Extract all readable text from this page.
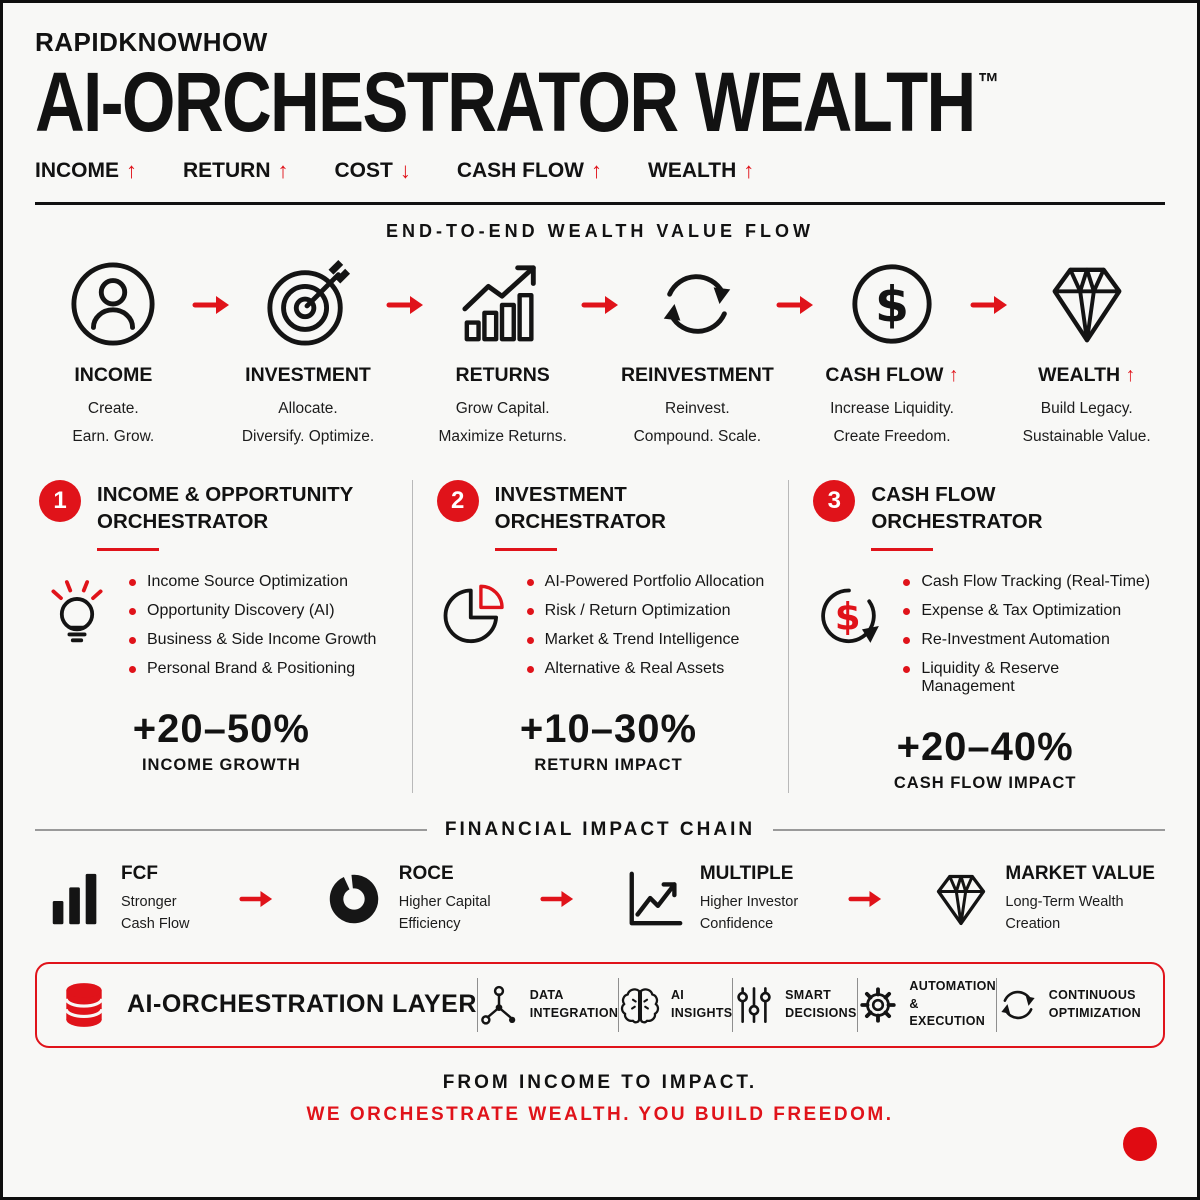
RAPIDKNOWHOW
AI-ORCHESTRATOR WEALTH ™
INCOME ↑ RETURN ↑ COST ↓ CASH FLOW ↑ WEALTH ↑
END-TO-END WEALTH VALUE FLOW
INCOME
Create.
Earn. Grow.
INVESTMENT
Allocate.
Diversify. Optimize.
RETURNS
Grow Capital.
Maximize Returns.
REINVESTMENT
Reinvest.
Compound. Scale.
$
CASH FLOW ↑
Increase Liquidity.
Create Freedom.
WEALTH ↑
Build Legacy.
Sustainable Value.
1	INCOME & OPPORTUNITY
ORCHESTRATOR
Income Source Optimization
Opportunity Discovery (AI)
Business & Side Income Growth
Personal Brand & Positioning
+20–50%
INCOME GROWTH
2	INVESTMENT
ORCHESTRATOR
AI-Powered Portfolio Allocation
Risk / Return Optimization
Market & Trend Intelligence
Alternative & Real Assets
+10–30%
RETURN IMPACT
3	CASH FLOW
ORCHESTRATOR
$
Cash Flow Tracking (Real-Time)
Expense & Tax Optimization
Re-Investment Automation
Liquidity & Reserve Management
+20–40%
CASH FLOW IMPACT
FINANCIAL IMPACT CHAIN
FCF
Stronger
Cash Flow
ROCE
Higher Capital
Efficiency
MULTIPLE
Higher Investor
Confidence
MARKET VALUE
Long-Term Wealth
Creation
AI-ORCHESTRATION LAYER	DATA
INTEGRATION
AI
INSIGHTS
SMART
DECISIONS
AUTOMATION
& EXECUTION
CONTINUOUS
OPTIMIZATION
FROM INCOME TO IMPACT.
WE ORCHESTRATE WEALTH. YOU BUILD FREEDOM.
